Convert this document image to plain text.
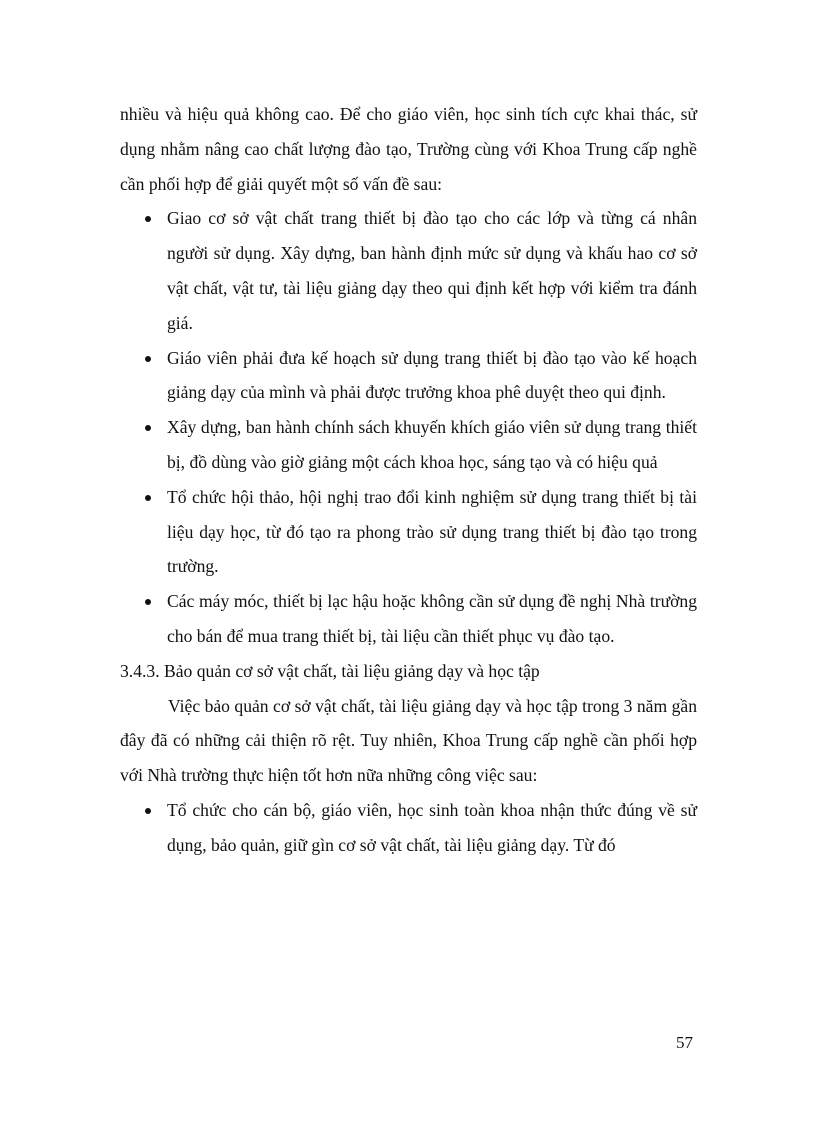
nhiều và hiệu quả không cao. Để cho giáo viên, học sinh tích cực khai thác, sử dụng nhằm nâng cao chất lượng đào tạo, Trường cùng với Khoa Trung cấp nghề cần phối hợp để giải quyết một số vấn đề sau:

Giao cơ sở vật chất trang thiết bị đào tạo cho các lớp và từng cá nhân người sử dụng. Xây dựng, ban hành định mức sử dụng và khấu hao cơ sở vật chất, vật tư, tài liệu giảng dạy theo qui định kết hợp với kiểm tra đánh giá.
Giáo viên phải đưa kế hoạch sử dụng trang thiết bị đào tạo vào kế hoạch giảng dạy của mình và phải được trưởng khoa phê duyệt theo qui định.
Xây dựng, ban hành chính sách khuyến khích giáo viên sử dụng trang thiết bị, đồ dùng vào giờ giảng một cách khoa học, sáng tạo và có hiệu quả
Tổ chức hội thảo, hội nghị trao đổi kinh nghiệm sử dụng trang thiết bị tài liệu dạy học, từ đó tạo ra phong trào sử dụng trang thiết bị đào tạo trong trường.
Các máy móc, thiết bị lạc hậu hoặc không cần sử dụng đề nghị Nhà trường cho bán để mua trang thiết bị, tài liệu cần thiết phục vụ đào tạo.

3.4.3. Bảo quản cơ sở vật chất, tài liệu giảng dạy và học tập

Việc bảo quản cơ sở vật chất, tài liệu giảng dạy và học tập trong 3 năm gần đây đã có những cải thiện rõ rệt. Tuy nhiên, Khoa Trung cấp nghề cần phối hợp với Nhà trường thực hiện tốt hơn nữa những công việc sau:

Tổ chức cho cán bộ, giáo viên, học sinh toàn khoa nhận thức đúng về sử dụng, bảo quản, giữ gìn cơ sở vật chất, tài liệu giảng dạy. Từ đó
57
